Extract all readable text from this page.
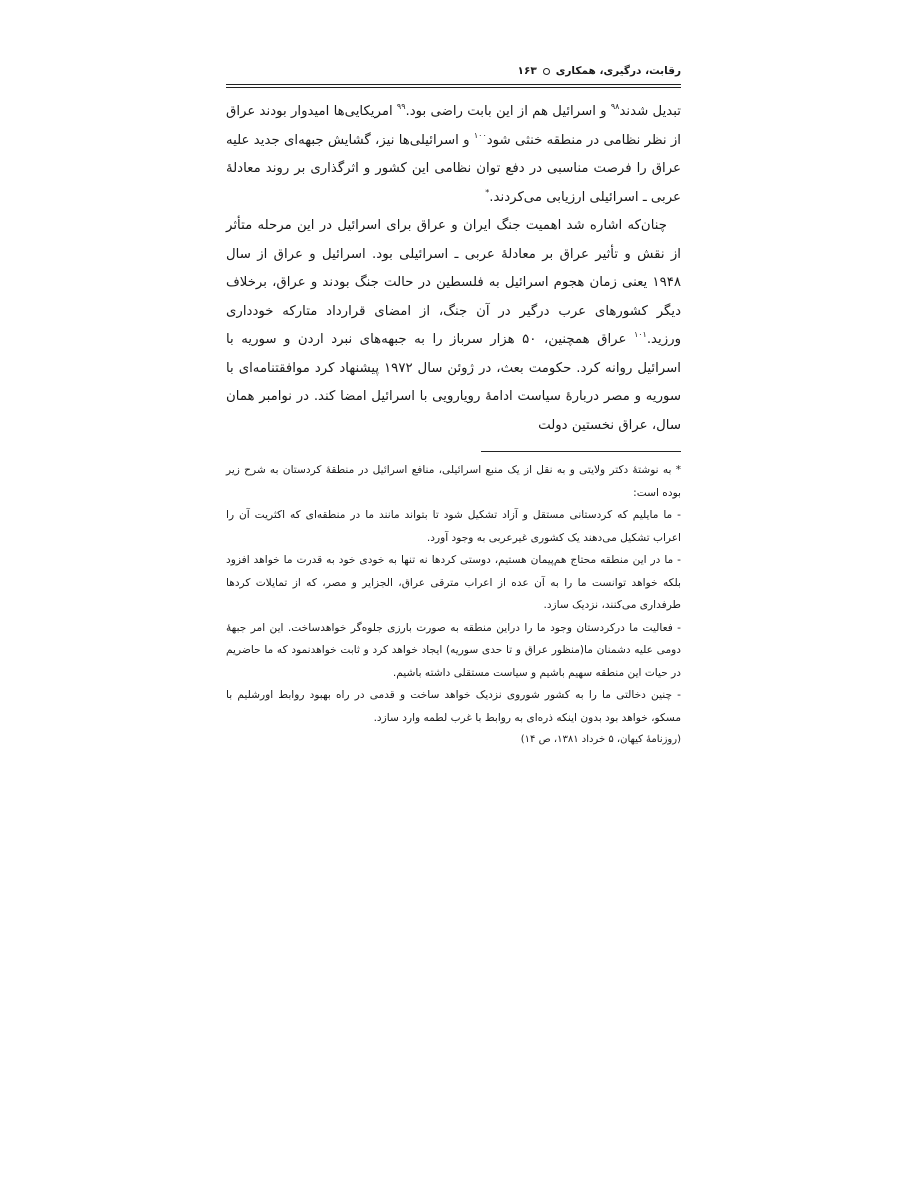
رقابت، درگیری، همکاری
۱۶۳

تبدیل شدند$^{۹۸}$ و اسرائیل هم از این بابت راضی بود.$^{۹۹}$ امریکایی‌ها امیدوار بودند عراق از نظر نظامی در منطقه خنثی شود$^{۱۰۰}$ و اسرائیلی‌ها نیز، گشایش جبهه‌ای جدید علیه عراق را فرصت مناسبی در دفع توان نظامی این کشور و اثرگذاری بر روند معادلهٔ عربی ـ اسرائیلی ارزیابی می‌کردند.*

چنان‌که اشاره شد اهمیت جنگ ایران و عراق برای اسرائیل در این مرحله متأثر از نقش و تأثیر عراق بر معادلهٔ عربی ـ اسرائیلی بود. اسرائیل و عراق از سال ۱۹۴۸ یعنی زمان هجوم اسرائیل به فلسطین در حالت جنگ بودند و عراق، برخلاف دیگر کشورهای عرب درگیر در آن جنگ، از امضای قرارداد متارکه خودداری ورزید.$^{۱۰۱}$ عراق همچنین، ۵۰ هزار سرباز را به جبهه‌های نبرد اردن و سوریه با اسرائیل روانه کرد. حکومت بعث، در ژوئن سال ۱۹۷۲ پیشنهاد کرد موافقتنامه‌ای با سوریه و مصر دربارهٔ سیاست ادامهٔ رویارویی با اسرائیل امضا کند. در نوامبر همان سال، عراق نخستین دولت

* به نوشتهٔ دکتر ولایتی و به نقل از یک منبع اسرائیلی، منافع اسرائیل در منطقهٔ کردستان به شرح زیر بوده است:

- ما مایلیم که کردستانی مستقل و آزاد تشکیل شود تا بتواند مانند ما در منطقه‌ای که اکثریت آن را اعراب تشکیل می‌دهند یک کشوری غیرعربی به وجود آورد.

- ما در این منطقه محتاج هم‌پیمان هستیم، دوستی کردها نه تنها به خودی خود به قدرت ما خواهد افزود بلکه خواهد توانست ما را به آن عده از اعراب مترقی عراق، الجزایر و مصر، که از تمایلات کردها طرفداری می‌کنند، نزدیک سازد.

- فعالیت ما درکردستان وجود ما را دراین منطقه به صورت بارزی جلوه‌گر خواهدساخت. این امر جبههٔ دومی علیه دشمنان ما(منظور عراق و تا حدی سوریه) ایجاد خواهد کرد و ثابت خواهدنمود که ما حاضریم در حیات این منطقه سهیم باشیم و سیاست مستقلی داشته باشیم.

- چنین دخالتی ما را به کشور شوروی نزدیک خواهد ساخت و قدمی در راه بهبود روابط اورشلیم با مسکو، خواهد بود بدون اینکه ذره‌ای به روابط با غرب لطمه وارد سازد.

(روزنامهٔ کیهان، ۵ خرداد ۱۳۸۱، ص ۱۴)
